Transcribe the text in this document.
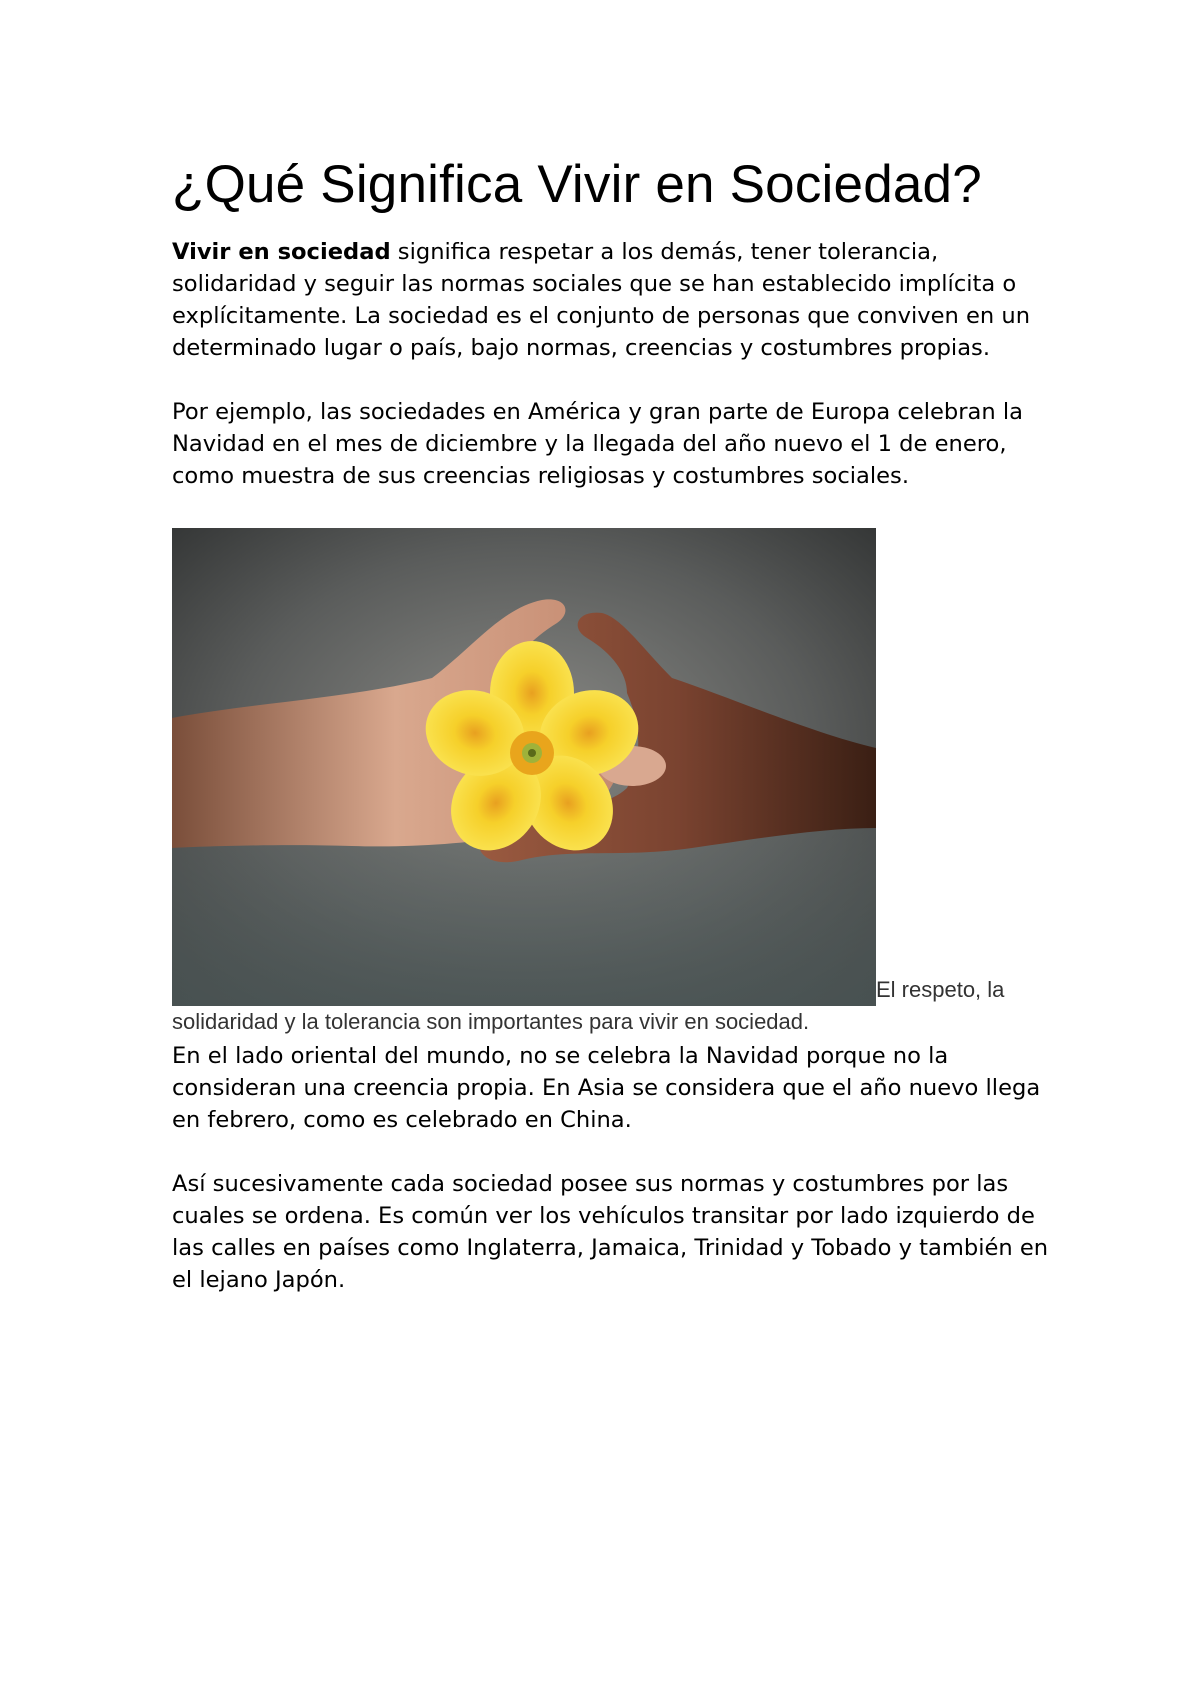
¿Qué Significa Vivir en Sociedad?

Vivir en sociedad significa respetar a los demás, tener tolerancia, solidaridad y seguir las normas sociales que se han establecido implícita o explícitamente. La sociedad es el conjunto de personas que conviven en un determinado lugar o país, bajo normas, creencias y costumbres propias.

Por ejemplo, las sociedades en América y gran parte de Europa celebran la Navidad en el mes de diciembre y la llegada del año nuevo el 1 de enero, como muestra de sus creencias religiosas y costumbres sociales.

El respeto, la solidaridad y la tolerancia son importantes para vivir en sociedad.

En el lado oriental del mundo, no se celebra la Navidad porque no la consideran una creencia propia. En Asia se considera que el año nuevo llega en febrero, como es celebrado en China.

Así sucesivamente cada sociedad posee sus normas y costumbres por las cuales se ordena. Es común ver los vehículos transitar por lado izquierdo de las calles en países como Inglaterra, Jamaica, Trinidad y Tobado y también en el lejano Japón.
